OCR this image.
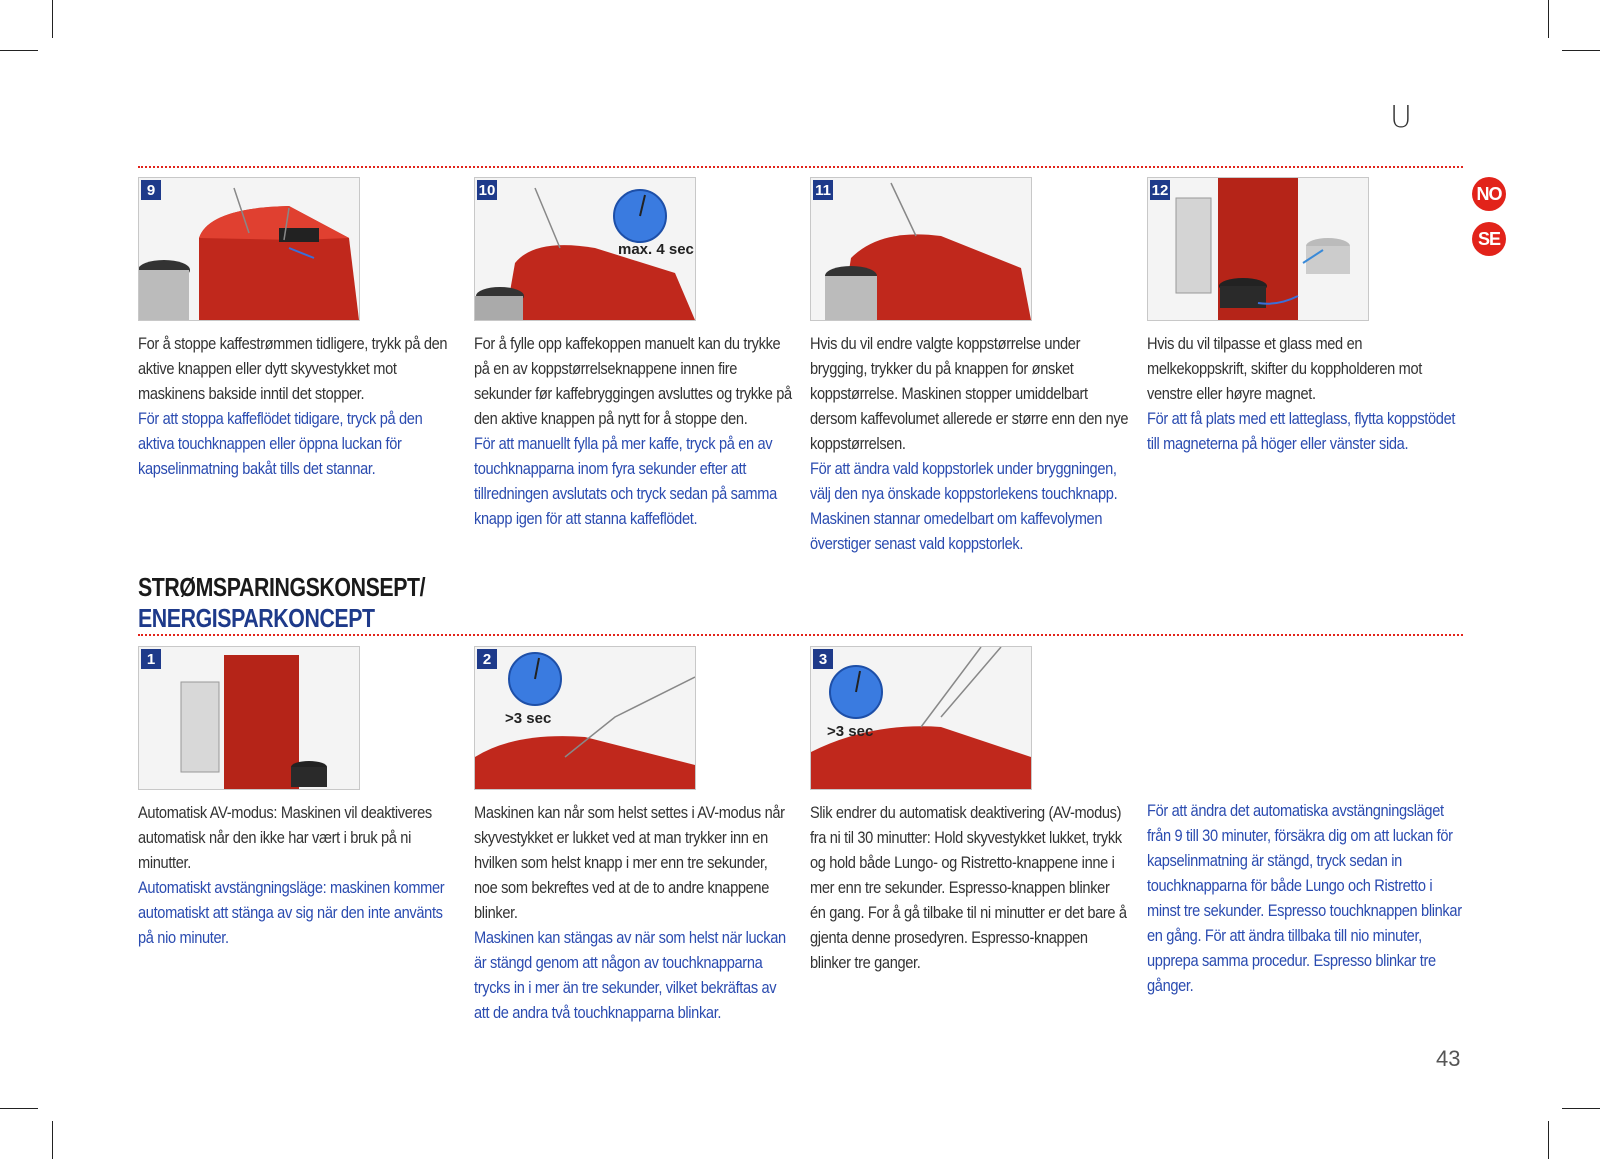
U
NO
SE
9

For å stoppe kaffestrømmen tidligere, trykk på den aktive knappen eller dytt skyvestykket mot maskinens bakside inntil det stopper.

För att stoppa kaffeflödet tidigare, tryck på den aktiva touchknappen eller öppna luckan för kapselinmatning bakåt tills det stannar.

10
max. 4 sec

For å fylle opp kaffekoppen manuelt kan du trykke på en av koppstørrelseknappene innen fire sekunder før kaffebryggingen avsluttes og trykke på den aktive knappen på nytt for å stoppe den.

För att manuellt fylla på mer kaffe, tryck på en av touchknapparna inom fyra sekunder efter att tillredningen avslutats och tryck sedan på samma knapp igen för att stanna kaffeflödet.

11

Hvis du vil endre valgte koppstørrelse under brygging, trykker du på knappen for ønsket koppstørrelse. Maskinen stopper umiddelbart dersom kaffevolumet allerede er større enn den nye koppstørrelsen.

För att ändra vald koppstorlek under bryggningen, välj den nya önskade koppstorlekens touchknapp. Maskinen stannar omedelbart om kaffevolymen överstiger senast vald koppstorlek.

12

Hvis du vil tilpasse et glass med en melkekoppskrift, skifter du koppholderen mot venstre eller høyre magnet.

För att få plats med ett latteglass, flytta koppstödet till magneterna på höger eller vänster sida.

STRØMSPARINGSKONSEPT/
ENERGISPARKONCEPT
1

Automatisk AV-modus: Maskinen vil deaktiveres automatisk når den ikke har vært i bruk på ni minutter.

Automatiskt avstängningsläge: maskinen kommer automatiskt att stänga av sig när den inte använts på nio minuter.

2
>3 sec

Maskinen kan når som helst settes i AV-modus når skyvestykket er lukket ved at man trykker inn en hvilken som helst knapp i mer enn tre sekunder, noe som bekreftes ved at de to andre knappene blinker.

Maskinen kan stängas av när som helst när luckan är stängd genom att någon av touchknapparna trycks in i mer än tre sekunder, vilket bekräftas av att de andra två touchknapparna blinkar.

3
>3 sec

Slik endrer du automatisk deaktivering (AV-modus) fra ni til 30 minutter: Hold skyvestykket lukket, trykk og hold både Lungo- og Ristretto-knappene inne i mer enn tre sekunder. Espresso-knappen blinker én gang. For å gå tilbake til ni minutter er det bare å gjenta denne prosedyren. Espresso-knappen blinker tre ganger.

För att ändra det automatiska avstängningsläget från 9 till 30 minuter, försäkra dig om att luckan för kapselinmatning är stängd, tryck sedan in touchknapparna för både Lungo och Ristretto i minst tre sekunder. Espresso touchknappen blinkar en gång. För att ändra tillbaka till nio minuter, upprepa samma procedur. Espresso blinkar tre gånger.

43
